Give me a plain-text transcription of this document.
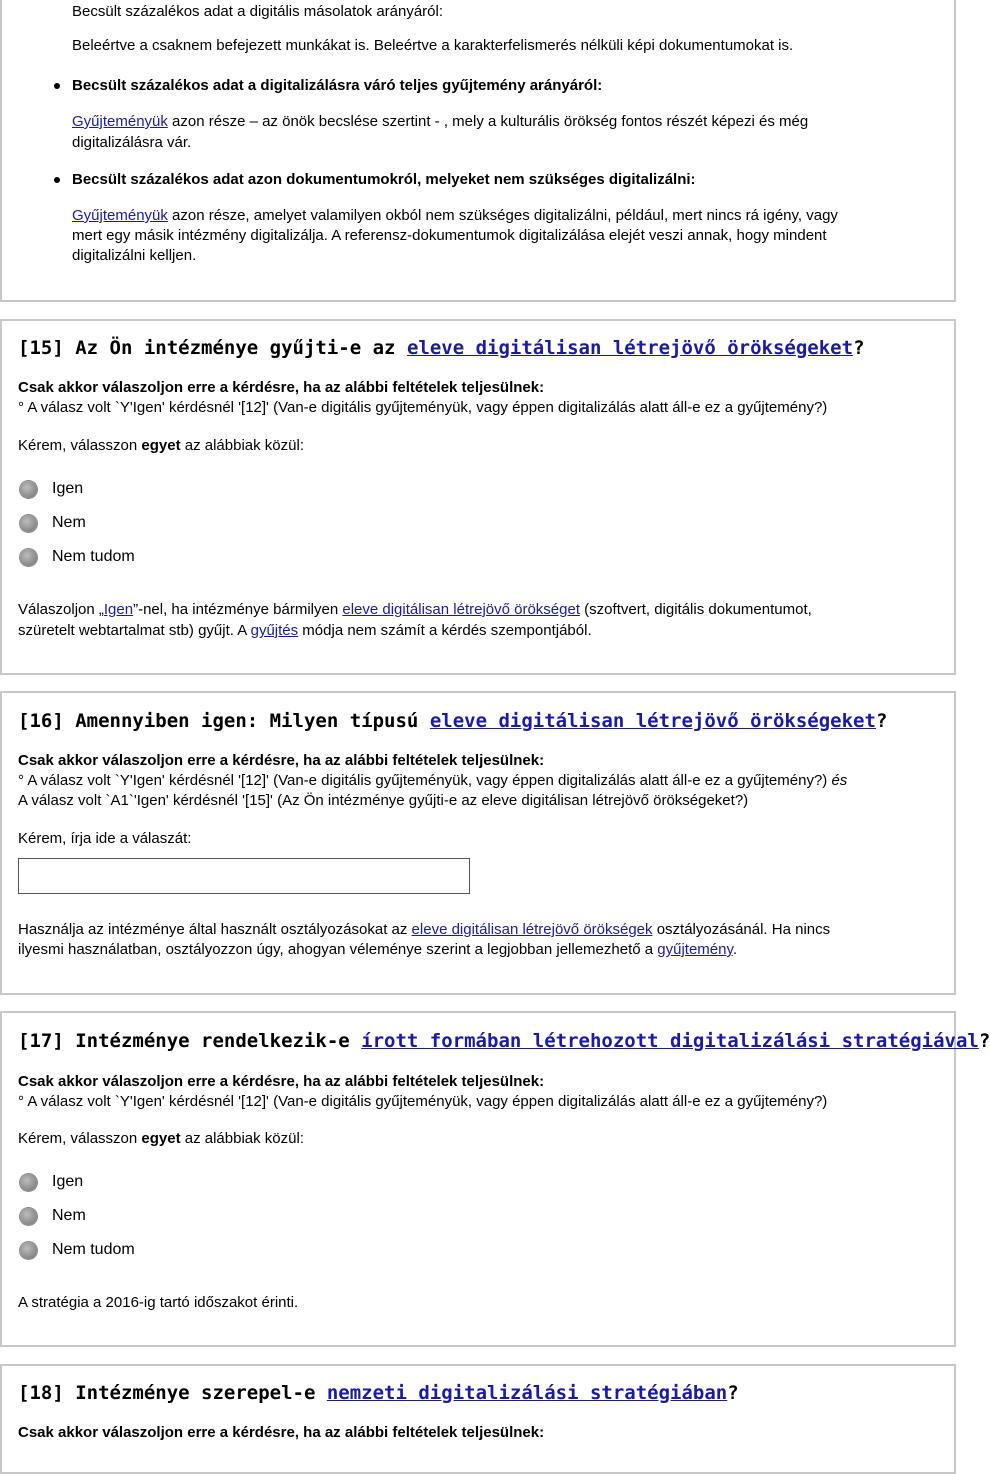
Becsült százalékos adat a digitális másolatok arányáról:
Beleértve a csaknem befejezett munkákat is. Beleértve a karakterfelismerés nélküli képi dokumentumokat is.
Becsült százalékos adat a digitalizálásra váró teljes gyűjtemény arányáról:
Gyűjteményük azon része – az önök becslése szertint - , mely a kulturális örökség fontos részét képezi és még
digitalizálásra vár.
Becsült százalékos adat azon dokumentumokról, melyeket nem szükséges digitalizálni:
Gyűjteményük azon része, amelyet valamilyen okból nem szükséges digitalizálni, például, mert nincs rá igény, vagy
mert egy másik intézmény digitalizálja. A referensz-dokumentumok digitalizálása elejét veszi annak, hogy mindent
digitalizálni kelljen.
[15] Az Ön intézménye gyűjti-e az eleve digitálisan létrejövő örökségeket?
Csak akkor válaszoljon erre a kérdésre, ha az alábbi feltételek teljesülnek:
° A válasz volt `Y'Igen' kérdésnél '[12]' (Van-e digitális gyűjteményük, vagy éppen digitalizálás alatt áll-e ez a gyűjtemény?)
Kérem, válasszon egyet az alábbiak közül:
Igen
Nem
Nem tudom
Válaszoljon „Igen”-nel, ha intézménye bármilyen eleve digitálisan létrejövő örökséget (szoftvert, digitális dokumentumot,
szüretelt webtartalmat stb) gyűjt. A gyűjtés módja nem számít a kérdés szempontjából.
[16] Amennyiben igen: Milyen típusú eleve digitálisan létrejövő örökségeket?
Csak akkor válaszoljon erre a kérdésre, ha az alábbi feltételek teljesülnek:
° A válasz volt `Y'Igen' kérdésnél '[12]' (Van-e digitális gyűjteményük, vagy éppen digitalizálás alatt áll-e ez a gyűjtemény?) és
A válasz volt `A1`'Igen' kérdésnél '[15]' (Az Ön intézménye gyűjti-e az eleve digitálisan létrejövő örökségeket?)
Kérem, írja ide a válaszát:
Használja az intézménye által használt osztályozásokat az eleve digitálisan létrejövő örökségek osztályozásánál. Ha nincs
ilyesmi használatban, osztályozzon úgy, ahogyan véleménye szerint a legjobban jellemezhető a gyűjtemény.
[17] Intézménye rendelkezik-e írott formában létrehozott digitalizálási stratégiával?
Csak akkor válaszoljon erre a kérdésre, ha az alábbi feltételek teljesülnek:
° A válasz volt `Y'Igen' kérdésnél '[12]' (Van-e digitális gyűjteményük, vagy éppen digitalizálás alatt áll-e ez a gyűjtemény?)
Kérem, válasszon egyet az alábbiak közül:
Igen
Nem
Nem tudom
A stratégia a 2016-ig tartó időszakot érinti.
[18] Intézménye szerepel-e nemzeti digitalizálási stratégiában?
Csak akkor válaszoljon erre a kérdésre, ha az alábbi feltételek teljesülnek:
